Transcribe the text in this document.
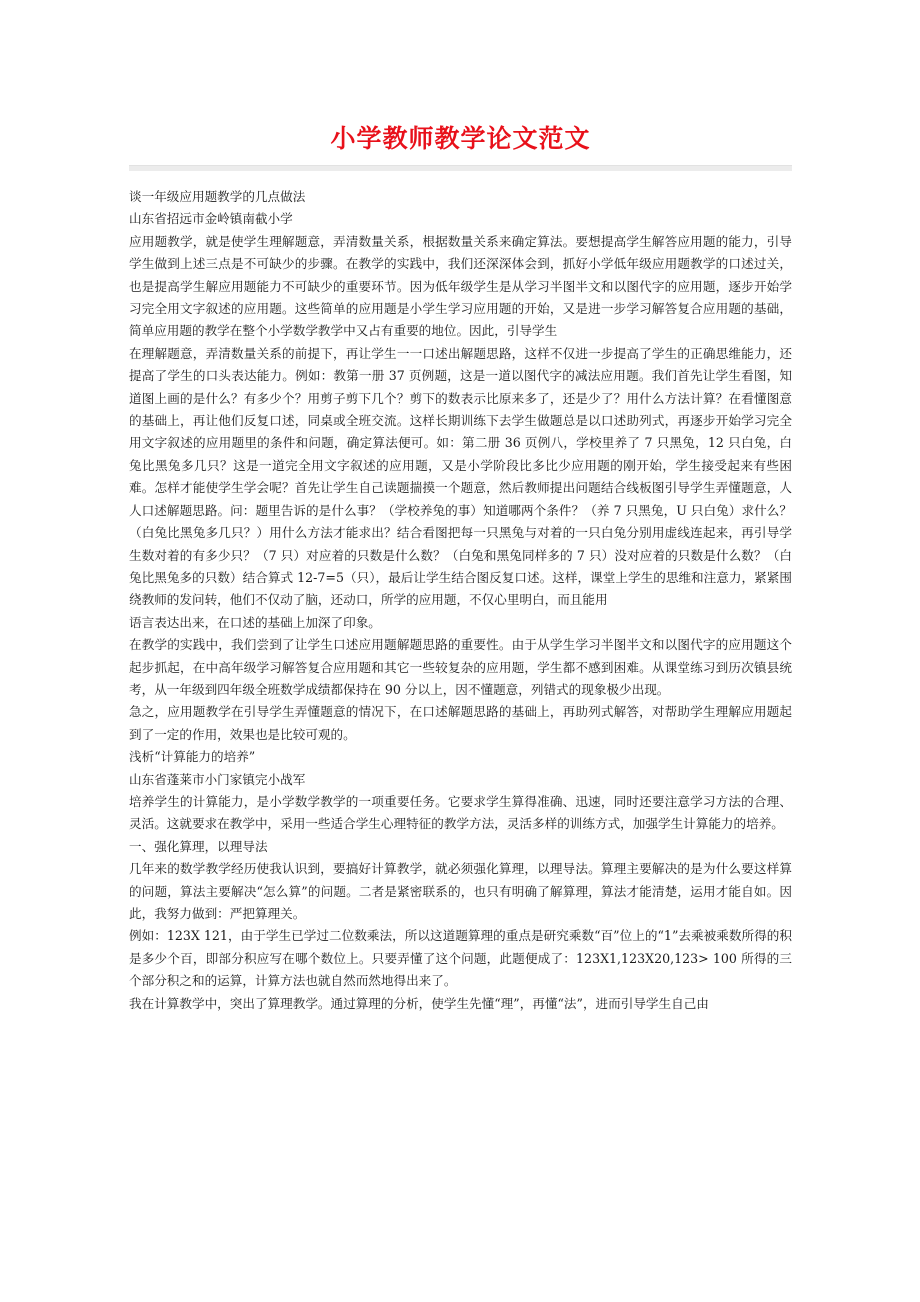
小学教师教学论文范文

谈一年级应用题教学的几点做法

山东省招远市金岭镇南截小学

应用题教学，就是使学生理解题意，弄清数量关系，根据数量关系来确定算法。要想提高学生解答应用题的能力，引导学生做到上述三点是不可缺少的步骤。在教学的实践中，我们还深深体会到，抓好小学低年级应用题教学的口述过关，也是提高学生解应用题能力不可缺少的重要环节。因为低年级学生是从学习半图半文和以图代字的应用题，逐步开始学习完全用文字叙述的应用题。这些简单的应用题是小学生学习应用题的开始，又是进一步学习解答复合应用题的基础，简单应用题的教学在整个小学数学教学中又占有重要的地位。因此，引导学生

在理解题意，弄清数量关系的前提下，再让学生一一口述出解题思路，这样不仅进一步提高了学生的正确思维能力，还提高了学生的口头表达能力。例如：教第一册 37 页例题，这是一道以图代字的减法应用题。我们首先让学生看图，知道图上画的是什么？有多少个？用剪子剪下几个？剪下的数表示比原来多了，还是少了？用什么方法计算？在看懂图意的基础上，再让他们反复口述，同桌或全班交流。这样长期训练下去学生做题总是以口述助列式，再逐步开始学习完全用文字叙述的应用题里的条件和问题，确定算法便可。如：第二册 36 页例八，学校里养了 7 只黑兔，12 只白兔，白兔比黑兔多几只？这是一道完全用文字叙述的应用题，又是小学阶段比多比少应用题的刚开始，学生接受起来有些困难。怎样才能使学生学会呢？首先让学生自己读题揣摸一个题意，然后教师提出问题结合线板图引导学生弄懂题意，人人口述解题思路。问：题里告诉的是什么事？（学校养兔的事）知道哪两个条件？（养 7 只黑兔，U 只白兔）求什么？（白兔比黑兔多几只？）用什么方法才能求出？结合看图把每一只黑兔与对着的一只白兔分别用虚线连起来，再引导学生数对着的有多少只？（7 只）对应着的只数是什么数？（白兔和黑兔同样多的 7 只）没对应着的只数是什么数？（白兔比黑兔多的只数）结合算式 12-7=5（只），最后让学生结合图反复口述。这样，课堂上学生的思维和注意力，紧紧围绕教师的发问转，他们不仅动了脑，还动口，所学的应用题，不仅心里明白，而且能用

语言表达出来，在口述的基础上加深了印象。

在教学的实践中，我们尝到了让学生口述应用题解题思路的重要性。由于从学生学习半图半文和以图代字的应用题这个起步抓起，在中高年级学习解答复合应用题和其它一些较复杂的应用题，学生都不感到困难。从课堂练习到历次镇县统考，从一年级到四年级全班数学成绩都保持在 90 分以上，因不懂题意，列错式的现象极少出现。

急之，应用题教学在引导学生弄懂题意的情况下，在口述解题思路的基础上，再助列式解答，对帮助学生理解应用题起到了一定的作用，效果也是比较可观的。

浅析“计算能力的培养”

山东省蓬莱市小门家镇完小战军

培养学生的计算能力，是小学数学教学的一项重要任务。它要求学生算得准确、迅速，同时还要注意学习方法的合理、灵活。这就要求在教学中，采用一些适合学生心理特征的教学方法，灵活多样的训练方式，加强学生计算能力的培养。

一、强化算理，以理导法

几年来的数学教学经历使我认识到，要搞好计算教学，就必须强化算理，以理导法。算理主要解决的是为什么要这样算的问题，算法主要解决“怎么算”的问题。二者是紧密联系的，也只有明确了解算理，算法才能清楚，运用才能自如。因此，我努力做到：严把算理关。

例如：123X 121，由于学生已学过二位数乘法，所以这道题算理的重点是研究乘数“百”位上的“1”去乘被乘数所得的积是多少个百，即部分积应写在哪个数位上。只要弄懂了这个问题，此题便成了：123X1,123X20,123> 100 所得的三个部分积之和的运算，计算方法也就自然而然地得出来了。

我在计算教学中，突出了算理教学。通过算理的分析，使学生先懂“理”，再懂“法”，进而引导学生自己由
